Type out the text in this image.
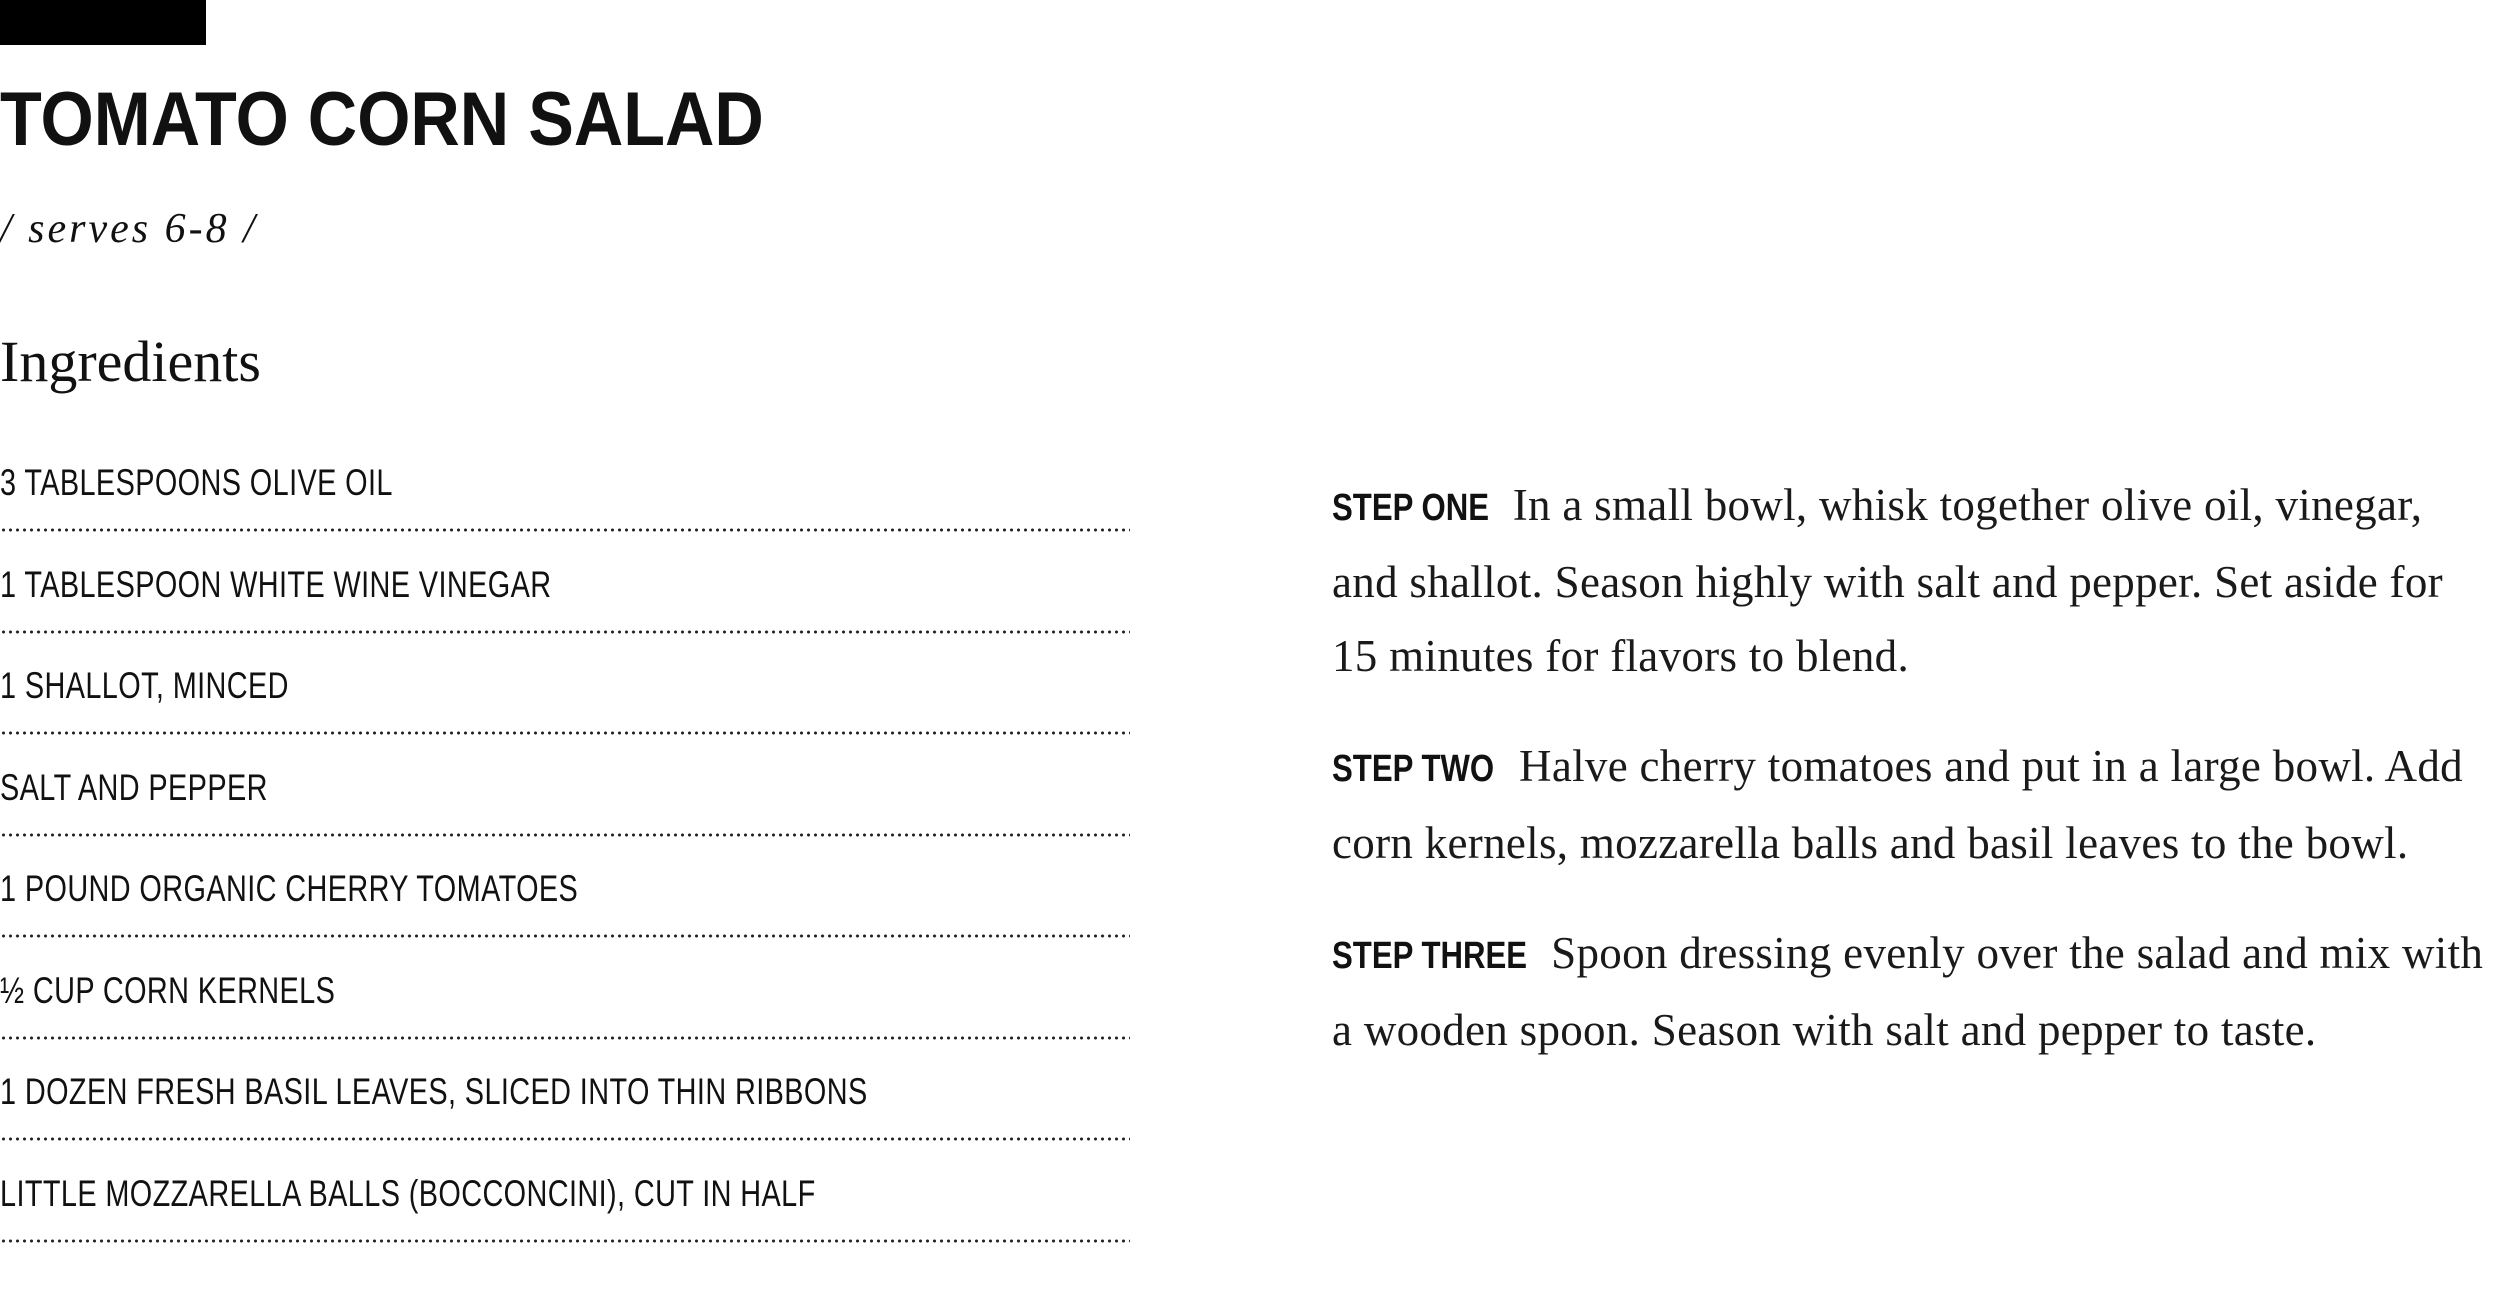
TOMATO CORN SALAD
/ serves 6-8 /
Ingredients
3 TABLESPOONS OLIVE OIL
1 TABLESPOON WHITE WINE VINEGAR
1 SHALLOT, MINCED
SALT AND PEPPER
1 POUND ORGANIC CHERRY TOMATOES
½ CUP CORN KERNELS
1 DOZEN FRESH BASIL LEAVES, SLICED INTO THIN RIBBONS
LITTLE MOZZARELLA BALLS (BOCCONCINI), CUT IN HALF

STEP ONE In a small bowl, whisk together olive oil, vinegar, and shallot. Season highly with salt and pepper. Set aside for 15 minutes for flavors to blend.

STEP TWO Halve cherry tomatoes and put in a large bowl. Add corn kernels, mozzarella balls and basil leaves to the bowl.

STEP THREE Spoon dressing evenly over the salad and mix with a wooden spoon. Season with salt and pepper to taste.
